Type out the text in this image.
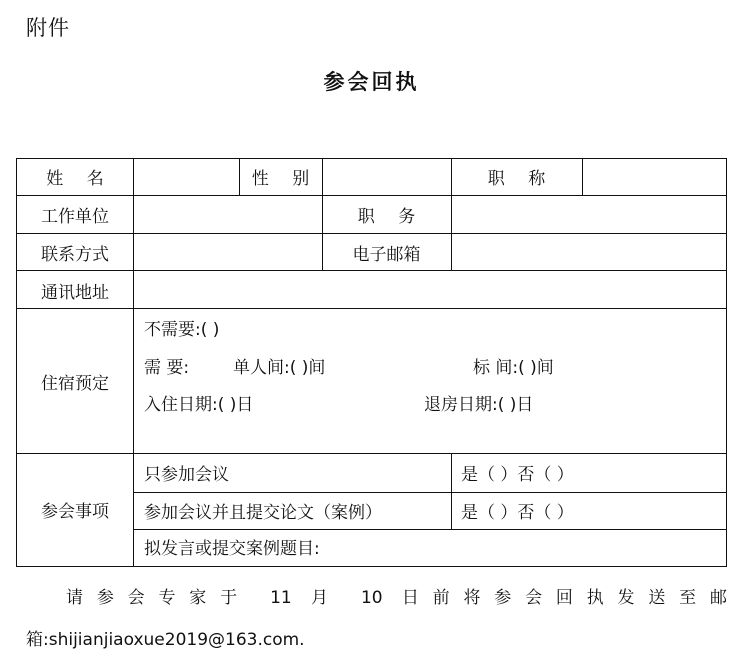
附件
参会回执
姓 名	性 别	职 称
工作单位	职 务
联系方式	电子邮箱
通讯地址
住宿预定
不需要:( )
需 要:	单人间:( )间	标 间:( )间
入住日期:( )日	退房日期:( )日
参会事项
只参加会议	是（ ）否（ ）
参加会议并且提交论文（案例）	是（ ）否（ ）
拟发言或提交案例题目:
请参会专家于 11 月 10 日前将参会回执发送至邮
箱:shijianjiaoxue2019@163.com.
